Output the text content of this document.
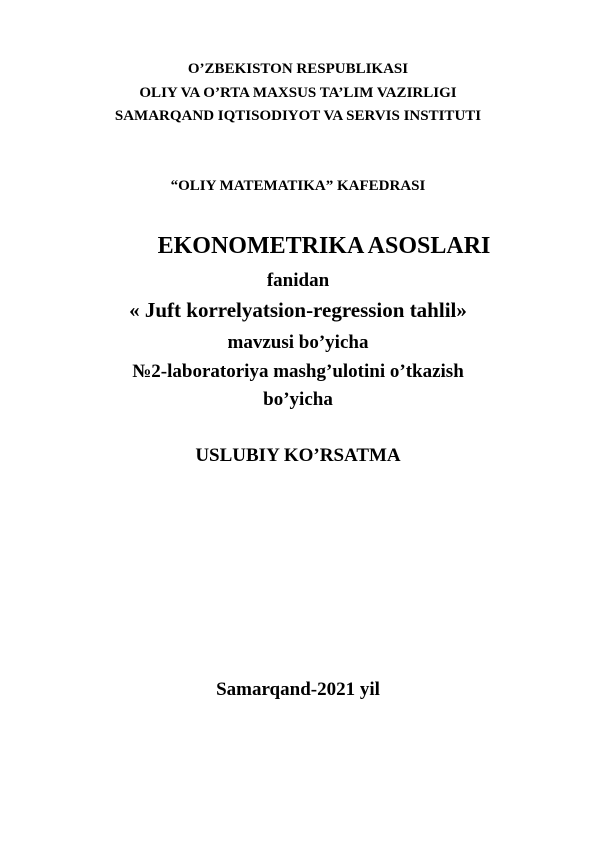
O’ZBEKISTON RESPUBLIKASI
OLIY VA O’RTA MAXSUS TA’LIM VAZIRLIGI
SAMARQAND IQTISODIYOT VA SERVIS INSTITUTI
“OLIY MATEMATIKA” KAFEDRASI
EKONOMETRIKA ASOSLARI
fanidan
« Juft korrelyatsion-regression tahlil»
mavzusi bo’yicha
№2-laboratoriya mashg’ulotini o’tkazish
bo’yicha
USLUBIY KO’RSATMA
Samarqand-2021 yil
